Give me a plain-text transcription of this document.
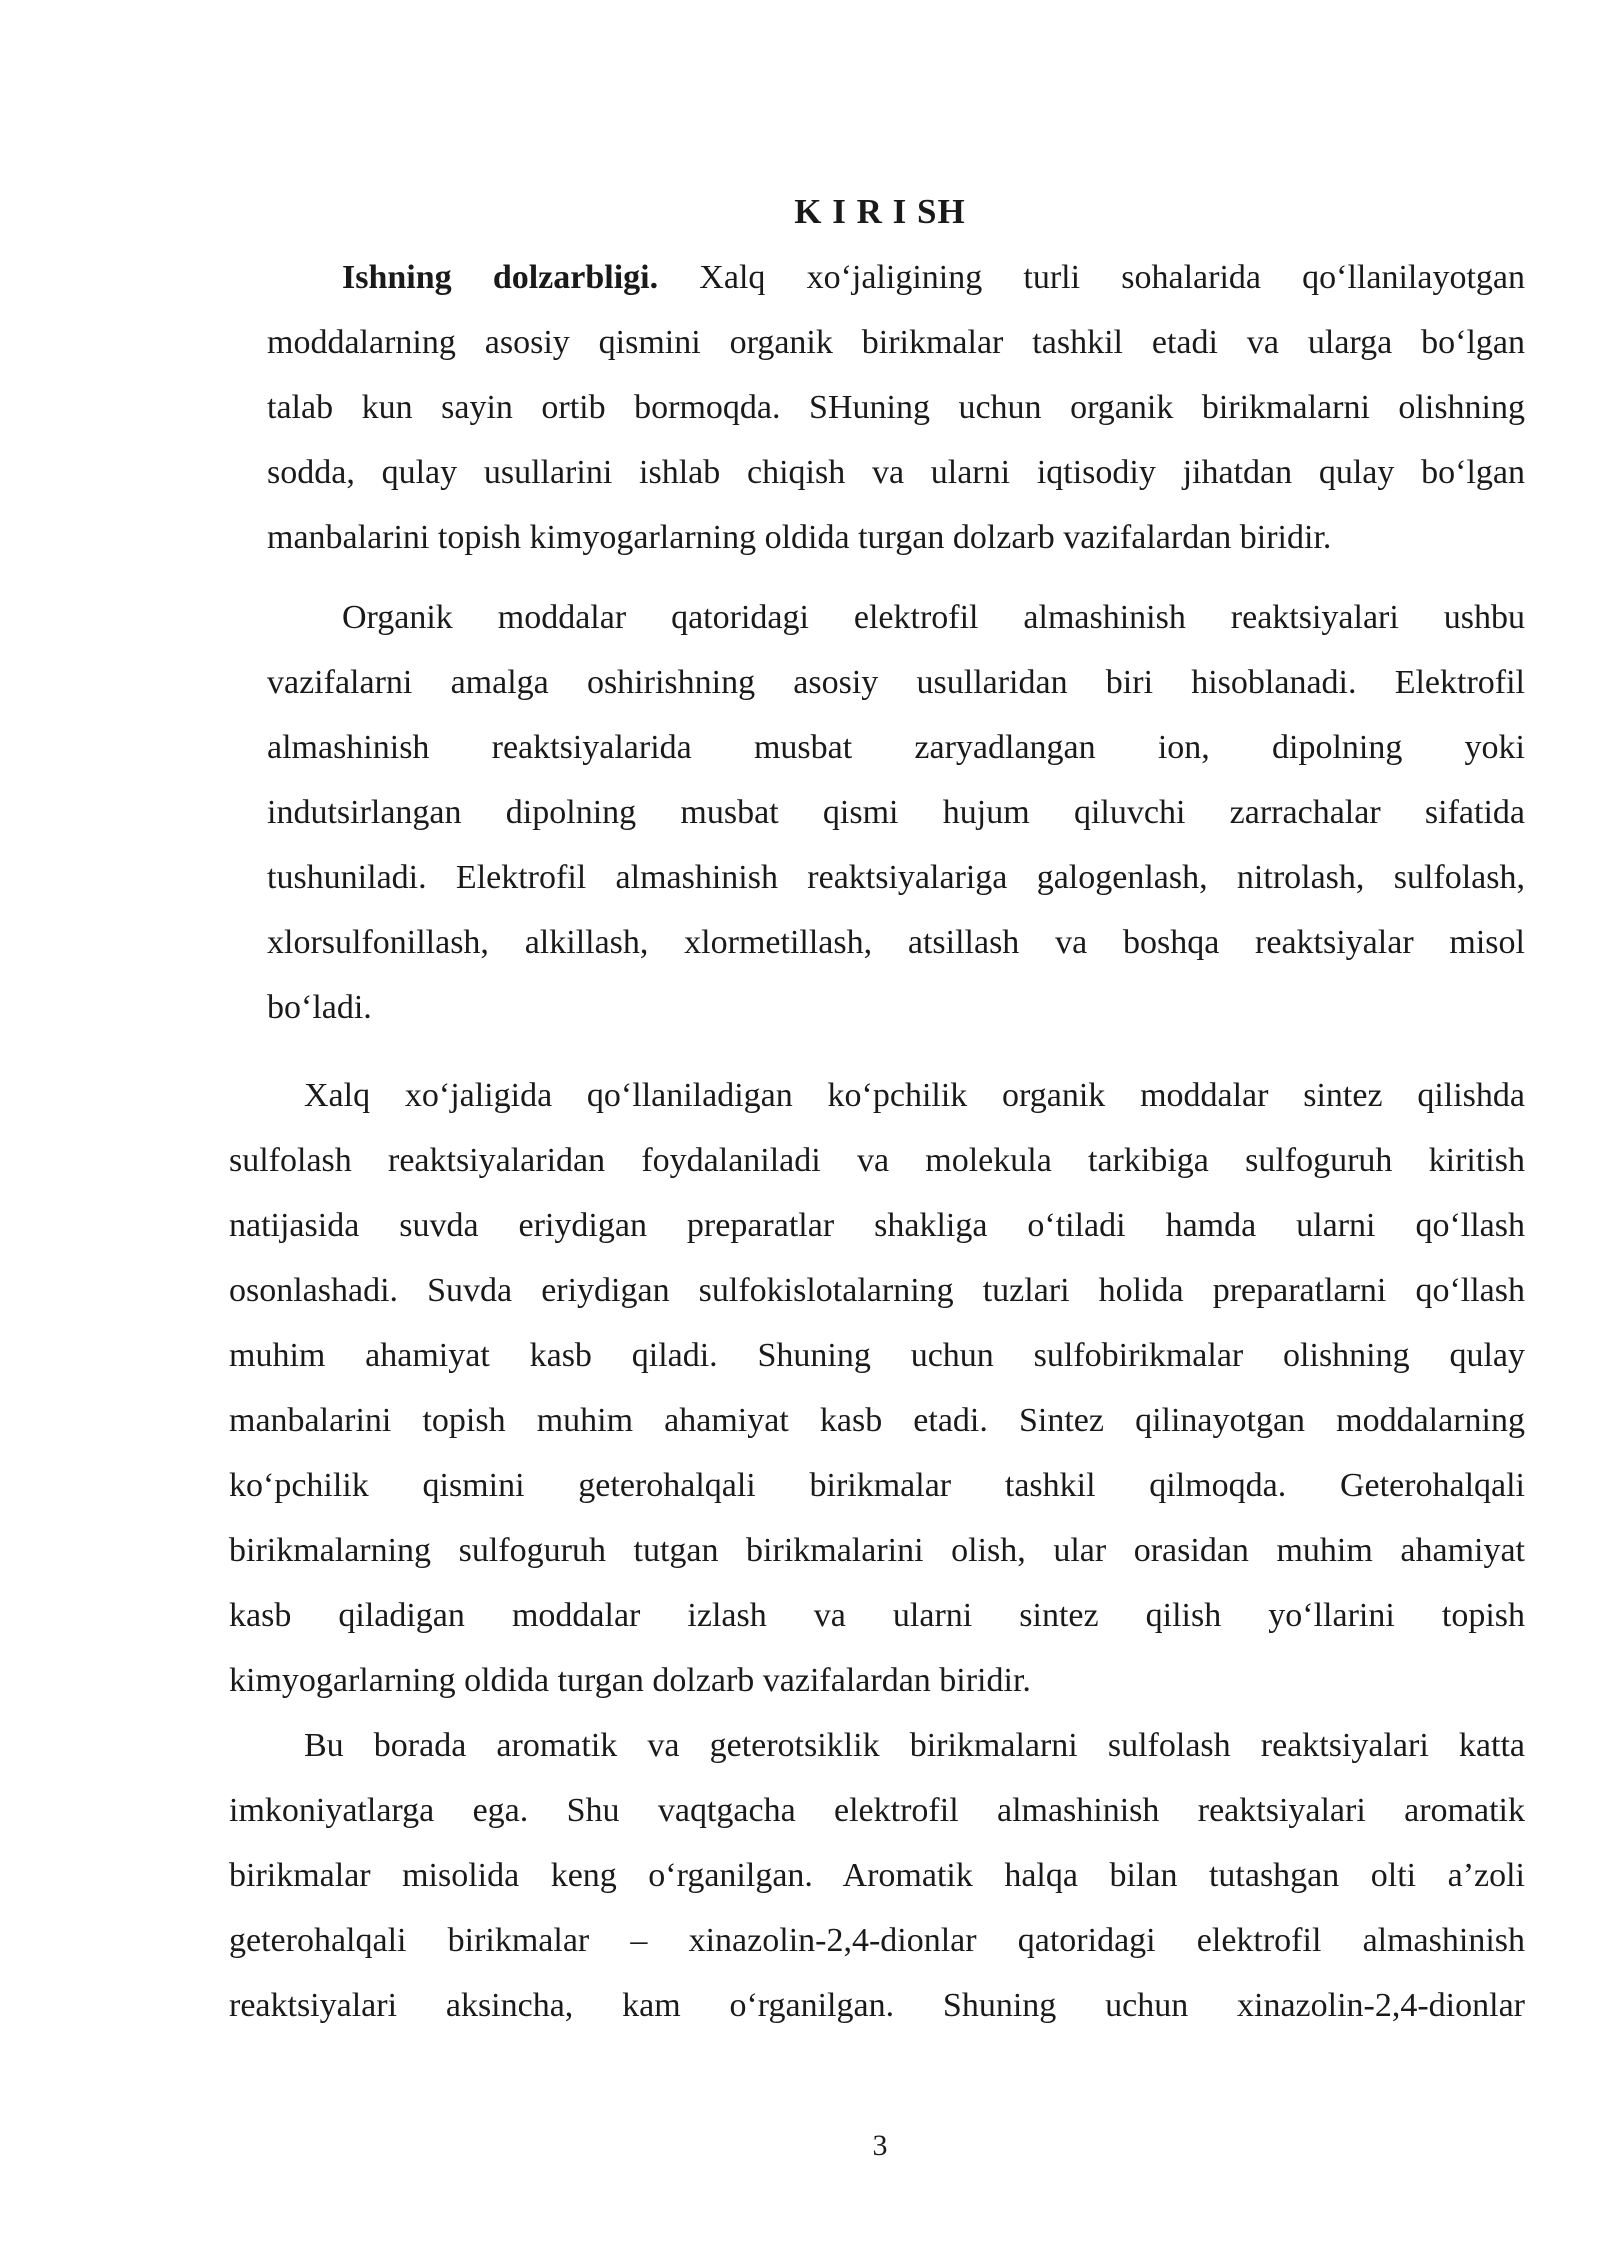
K I R I SH
Ishning dolzarbligi. Xalq xo‘jaligining turli sohalarida qo‘llanilayotgan
moddalarning asosiy qismini organik birikmalar tashkil etadi va ularga bo‘lgan
talab kun sayin ortib bormoqda. SHuning uchun organik birikmalarni olishning
sodda, qulay usullarini ishlab chiqish va ularni iqtisodiy jihatdan qulay bo‘lgan
manbalarini topish kimyogarlarning oldida turgan dolzarb vazifalardan biridir.
Organik moddalar qatoridagi elektrofil almashinish reaktsiyalari ushbu
vazifalarni amalga oshirishning asosiy usullaridan biri hisoblanadi. Elektrofil
almashinish reaktsiyalarida musbat zaryadlangan ion, dipolning yoki
indutsirlangan dipolning musbat qismi hujum qiluvchi zarrachalar sifatida
tushuniladi. Elektrofil almashinish reaktsiyalariga galogenlash, nitrolash, sulfolash,
xlorsulfonillash, alkillash, xlormetillash, atsillash va boshqa reaktsiyalar misol
bo‘ladi.
Xalq xo‘jaligida qo‘llaniladigan ko‘pchilik organik moddalar sintez qilishda
sulfolash reaktsiyalaridan foydalaniladi va molekula tarkibiga sulfoguruh kiritish
natijasida suvda eriydigan preparatlar shakliga o‘tiladi hamda ularni qo‘llash
osonlashadi. Suvda eriydigan sulfokislotalarning tuzlari holida preparatlarni qo‘llash
muhim ahamiyat kasb qiladi. Shuning uchun sulfobirikmalar olishning qulay
manbalarini topish muhim ahamiyat kasb etadi. Sintez qilinayotgan moddalarning
ko‘pchilik qismini geterohalqali birikmalar tashkil qilmoqda. Geterohalqali
birikmalarning sulfoguruh tutgan birikmalarini olish, ular orasidan muhim ahamiyat
kasb qiladigan moddalar izlash va ularni sintez qilish yo‘llarini topish
kimyogarlarning oldida turgan dolzarb vazifalardan biridir.
Bu borada aromatik va geterotsiklik birikmalarni sulfolash reaktsiyalari katta
imkoniyatlarga ega. Shu vaqtgacha elektrofil almashinish reaktsiyalari aromatik
birikmalar misolida keng o‘rganilgan. Aromatik halqa bilan tutashgan olti a’zoli
geterohalqali birikmalar – xinazolin-2,4-dionlar qatoridagi elektrofil almashinish
reaktsiyalari aksincha, kam o‘rganilgan. Shuning uchun xinazolin-2,4-dionlar
3
